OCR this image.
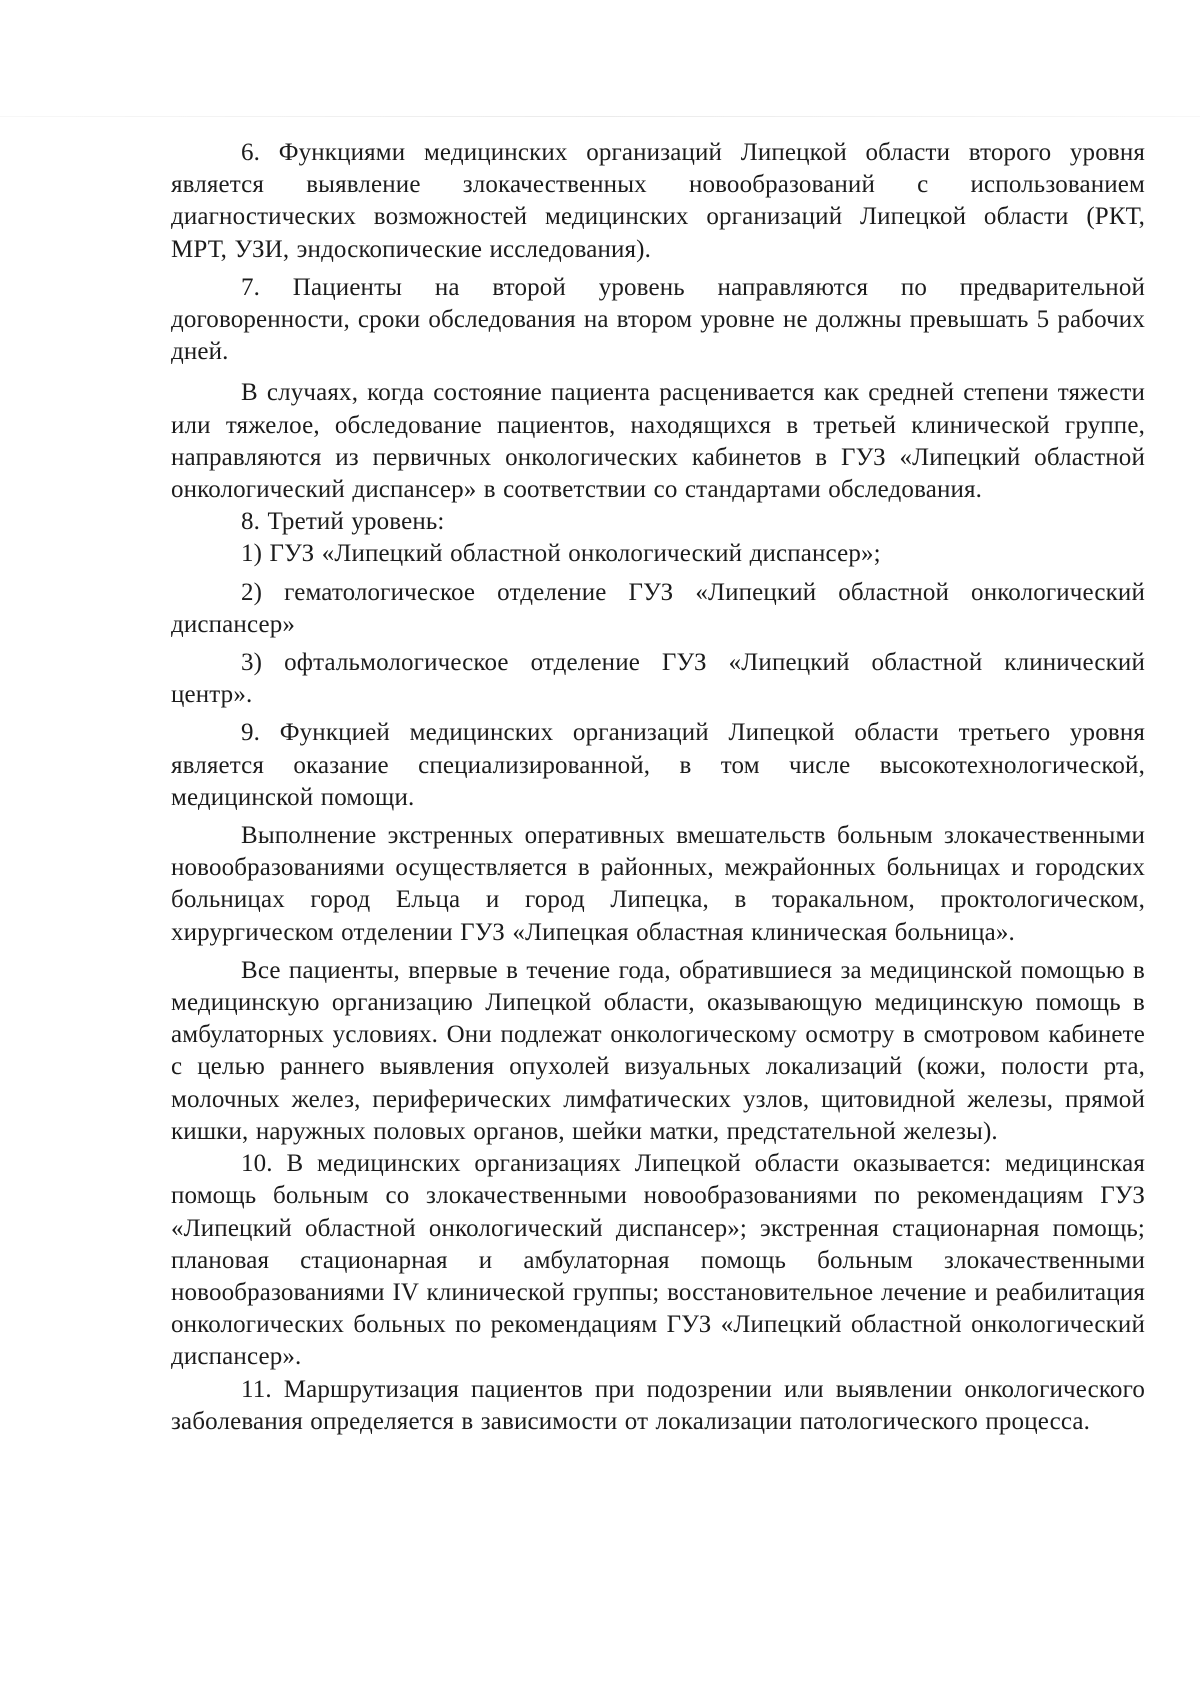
6. Функциями медицинских организаций Липецкой области второго уровня является выявление злокачественных новообразований с использованием диагностических возможностей медицинских организаций Липецкой области (РКТ, МРТ, УЗИ, эндоскопические исследования).

7. Пациенты на второй уровень направляются по предварительной договоренности, сроки обследования на втором уровне не должны превышать 5 рабочих дней.

В случаях, когда состояние пациента расценивается как средней степени тяжести или тяжелое, обследование пациентов, находящихся в третьей клинической группе, направляются из первичных онкологических кабинетов в ГУЗ «Липецкий областной онкологический диспансер» в соответствии со стандартами обследования.

8. Третий уровень:

1) ГУЗ «Липецкий областной онкологический диспансер»;

2) гематологическое отделение ГУЗ «Липецкий областной онкологический диспансер»

3) офтальмологическое отделение ГУЗ «Липецкий областной клинический центр».

9. Функцией медицинских организаций Липецкой области третьего уровня является оказание специализированной, в том числе высокотехнологической, медицинской помощи.

Выполнение экстренных оперативных вмешательств больным злокачественными новообразованиями осуществляется в районных, межрайонных больницах и городских больницах город Ельца и город Липецка, в торакальном, проктологическом, хирургическом отделении ГУЗ «Липецкая областная клиническая больница».

Все пациенты, впервые в течение года, обратившиеся за медицинской помощью в медицинскую организацию Липецкой области, оказывающую медицинскую помощь в амбулаторных условиях. Они подлежат онкологическому осмотру в смотровом кабинете с целью раннего выявления опухолей визуальных локализаций (кожи, полости рта, молочных желез, периферических лимфатических узлов, щитовидной железы, прямой кишки, наружных половых органов, шейки матки, предстательной железы).

10. В медицинских организациях Липецкой области оказывается: медицинская помощь больным со злокачественными новообразованиями по рекомендациям ГУЗ «Липецкий областной онкологический диспансер»; экстренная стационарная помощь; плановая стационарная и амбулаторная помощь больным злокачественными новообразованиями IV клинической группы; восстановительное лечение и реабилитация онкологических больных по рекомендациям ГУЗ «Липецкий областной онкологический диспансер».

11. Маршрутизация пациентов при подозрении или выявлении онкологического заболевания определяется в зависимости от локализации патологического процесса.
